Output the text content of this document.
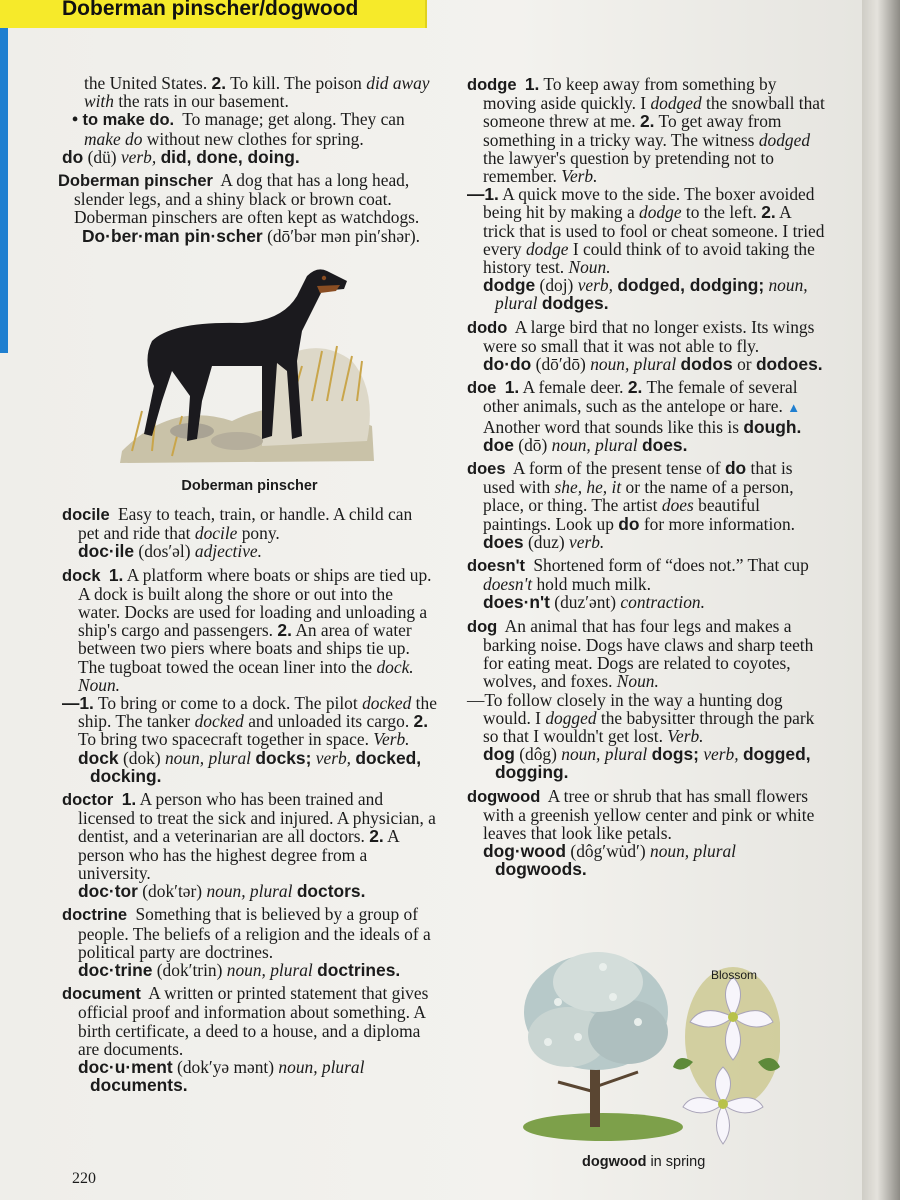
Doberman pinscher/dogwood

the United States. 2. To kill. The poison did away with the rats in our basement.

• to make do. To manage; get along. They can make do without new clothes for spring.

do (dü) verb, did, done, doing.

Doberman pinscher A dog that has a long head, slender legs, and a shiny black or brown coat. Doberman pinschers are often kept as watchdogs.

Do·ber·man pin·scher (dō′bər mən pin′shər).

Doberman pinscher

docile Easy to teach, train, or handle. A child can pet and ride that docile pony.

doc·ile (dos′əl) adjective.

dock 1. A platform where boats or ships are tied up. A dock is built along the shore or out into the water. Docks are used for loading and unloading a ship's cargo and passengers. 2. An area of water between two piers where boats and ships tie up. The tugboat towed the ocean liner into the dock. Noun.

—1. To bring or come to a dock. The pilot docked the ship. The tanker docked and unloaded its cargo. 2. To bring two spacecraft together in space. Verb.

dock (dok) noun, plural docks; verb, docked, docking.

doctor 1. A person who has been trained and licensed to treat the sick and injured. A physician, a dentist, and a veterinarian are all doctors. 2. A person who has the highest degree from a university.

doc·tor (dok′tər) noun, plural doctors.

doctrine Something that is believed by a group of people. The beliefs of a religion and the ideals of a political party are doctrines.

doc·trine (dok′trin) noun, plural doctrines.

document A written or printed statement that gives official proof and information about something. A birth certificate, a deed to a house, and a diploma are documents.

doc·u·ment (dok′yə mənt) noun, plural documents.

dodge 1. To keep away from something by moving aside quickly. I dodged the snowball that someone threw at me. 2. To get away from something in a tricky way. The witness dodged the lawyer's question by pretending not to remember. Verb.

—1. A quick move to the side. The boxer avoided being hit by making a dodge to the left. 2. A trick that is used to fool or cheat someone. I tried every dodge I could think of to avoid taking the history test. Noun.

dodge (doj) verb, dodged, dodging; noun, plural dodges.

dodo A large bird that no longer exists. Its wings were so small that it was not able to fly.

do·do (dō′dō) noun, plural dodos or dodoes.

doe 1. A female deer. 2. The female of several other animals, such as the antelope or hare. ▲ Another word that sounds like this is dough.

doe (dō) noun, plural does.

does A form of the present tense of do that is used with she, he, it or the name of a person, place, or thing. The artist does beautiful paintings. Look up do for more information.

does (duz) verb.

doesn't Shortened form of “does not.” That cup doesn't hold much milk.

does·n't (duz′ənt) contraction.

dog An animal that has four legs and makes a barking noise. Dogs have claws and sharp teeth for eating meat. Dogs are related to coyotes, wolves, and foxes. Noun.

—To follow closely in the way a hunting dog would. I dogged the babysitter through the park so that I wouldn't get lost. Verb.

dog (dôg) noun, plural dogs; verb, dogged, dogging.

dogwood A tree or shrub that has small flowers with a greenish yellow center and pink or white leaves that look like petals.

dog·wood (dôg′wu̇d′) noun, plural dogwoods.

Blossom
dogwood in spring
220
